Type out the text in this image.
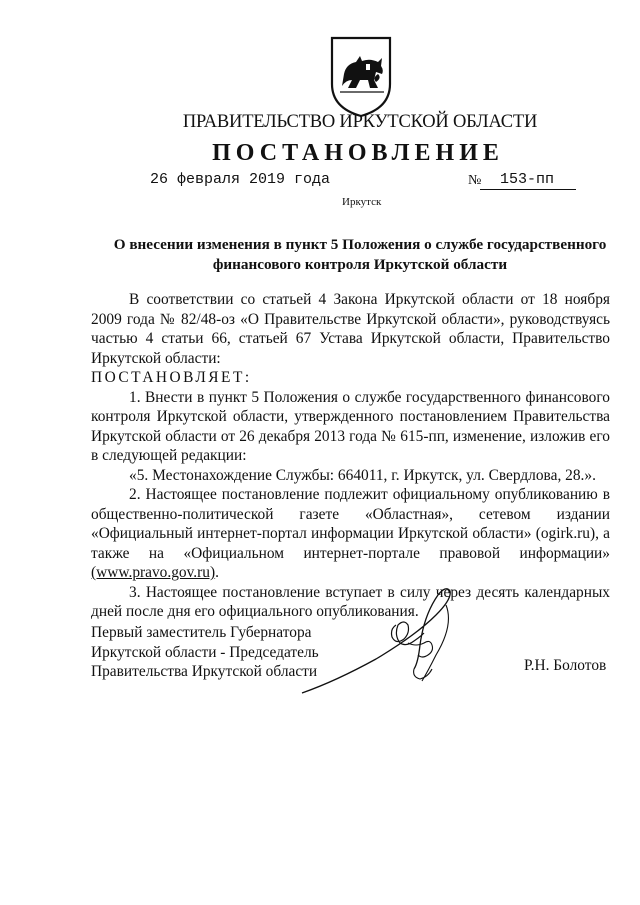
ПРАВИТЕЛЬСТВО ИРКУТСКОЙ ОБЛАСТИ
ПОСТАНОВЛЕНИЕ
26 февраля 2019 года	№	153-пп
Иркутск
О внесении изменения в пункт 5 Положения о службе государственного
финансового контроля Иркутской области

В соответствии со статьей 4 Закона Иркутской области от 18 ноября 2009 года № 82/48-оз «О Правительстве Иркутской области», руководствуясь частью 4 статьи 66, статьей 67 Устава Иркутской области, Правительство Иркутской области:

ПОСТАНОВЛЯЕТ:

1. Внести в пункт 5 Положения о службе государственного финансового контроля Иркутской области, утвержденного постановлением Правительства Иркутской области от 26 декабря 2013 года № 615-пп, изменение, изложив его в следующей редакции:

«5. Местонахождение Службы: 664011, г. Иркутск, ул. Свердлова, 28.».

2. Настоящее постановление подлежит официальному опубликованию в общественно-политической газете «Областная», сетевом издании «Официальный интернет-портал информации Иркутской области» (ogirk.ru), а также на «Официальном интернет-портале правовой информации» (www.pravo.gov.ru).

3. Настоящее постановление вступает в силу через десять календарных дней после дня его официального опубликования.

Первый заместитель Губернатора
Иркутской области - Председатель
Правительства Иркутской области	Р.Н. Болотов
